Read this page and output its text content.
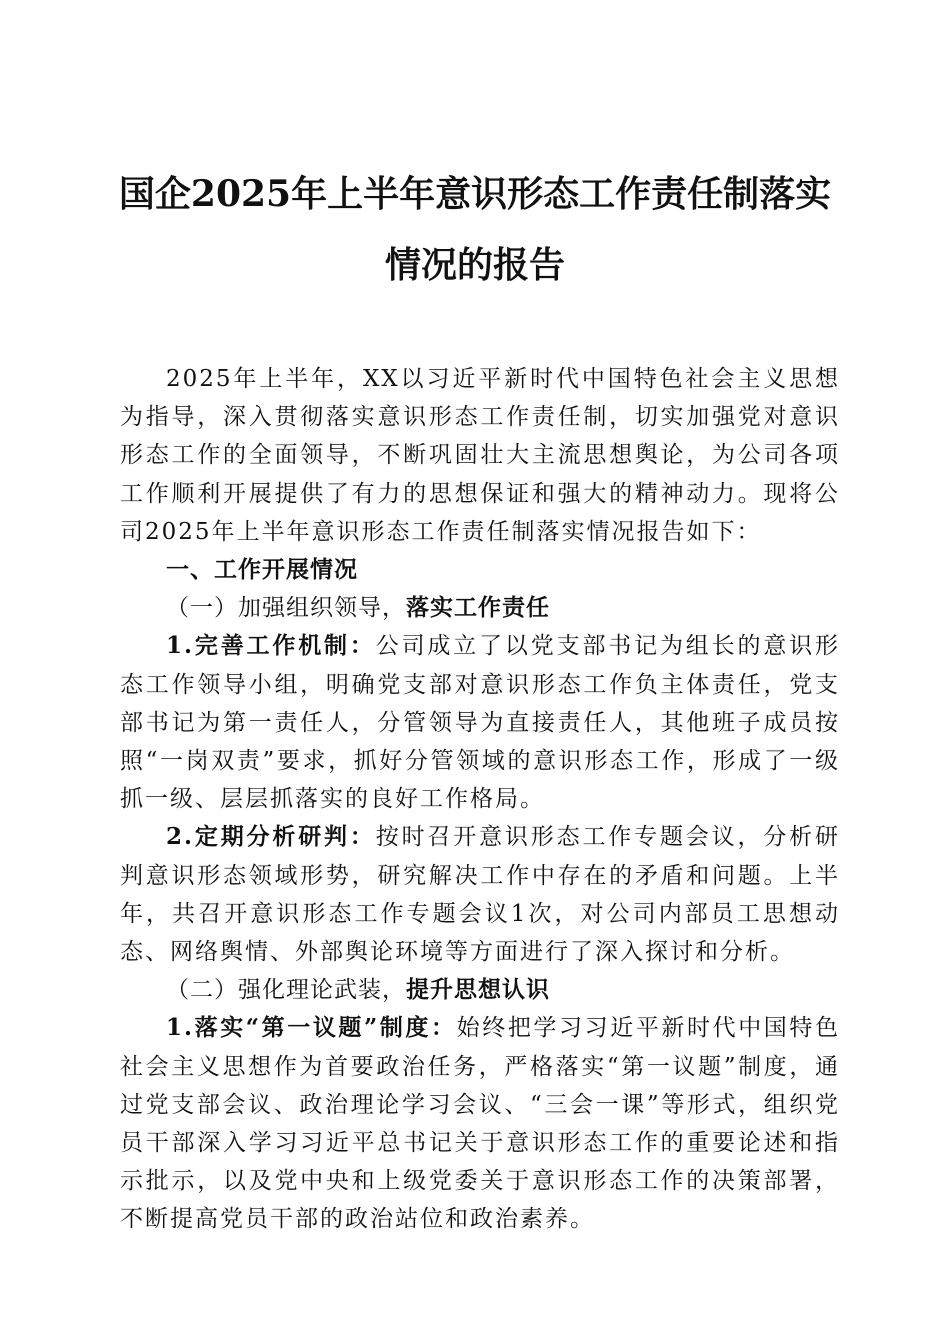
国企2025年上半年意识形态工作责任制落实
情况的报告

2025年上半年，XX以习近平新时代中国特色社会主义思想为指导，深入贯彻落实意识形态工作责任制，切实加强党对意识形态工作的全面领导，不断巩固壮大主流思想舆论，为公司各项工作顺利开展提供了有力的思想保证和强大的精神动力。现将公司2025年上半年意识形态工作责任制落实情况报告如下：

一、工作开展情况

（一）加强组织领导，落实工作责任

1.完善工作机制：公司成立了以党支部书记为组长的意识形态工作领导小组，明确党支部对意识形态工作负主体责任，党支部书记为第一责任人，分管领导为直接责任人，其他班子成员按照“一岗双责”要求，抓好分管领域的意识形态工作，形成了一级抓一级、层层抓落实的良好工作格局。

2.定期分析研判：按时召开意识形态工作专题会议，分析研判意识形态领域形势，研究解决工作中存在的矛盾和问题。上半年，共召开意识形态工作专题会议1次，对公司内部员工思想动态、网络舆情、外部舆论环境等方面进行了深入探讨和分析。

（二）强化理论武装，提升思想认识

1.落实“第一议题”制度：始终把学习习近平新时代中国特色社会主义思想作为首要政治任务，严格落实“第一议题”制度，通过党支部会议、政治理论学习会议、“三会一课”等形式，组织党员干部深入学习习近平总书记关于意识形态工作的重要论述和指示批示，以及党中央和上级党委关于意识形态工作的决策部署，不断提高党员干部的政治站位和政治素养。
